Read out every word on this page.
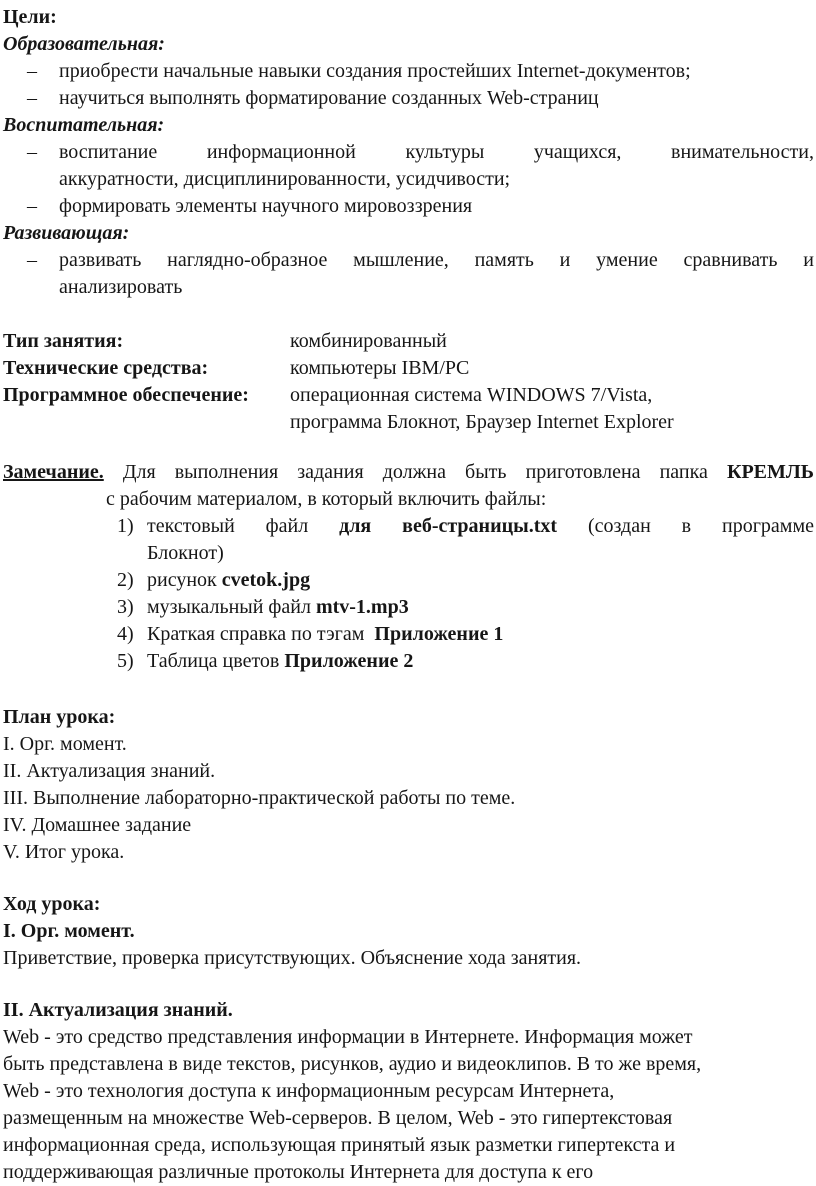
Цели:
Образовательная:
– приобрести начальные навыки создания простейших Internet-документов;
– научиться выполнять форматирование созданных Web-страниц
Воспитательная:
– воспитание информационной культуры учащихся, внимательности,
аккуратности, дисциплинированности, усидчивости;
– формировать элементы научного мировоззрения
Развивающая:
– развивать наглядно-образное мышление, память и умение сравнивать и
анализировать
Тип занятия:	комбинированный
Технические средства:	компьютеры IBM/PC
Программное обеспечение:	операционная система WINDOWS 7/Vista,
программа Блокнот, Браузер Internet Explorer
Замечание. Для выполнения задания должна быть приготовлена папка КРЕМЛЬ
с рабочим материалом, в который включить файлы:
1) текстовый файл для веб-страницы.txt (создан в программе
Блокнот)
2) рисунок cvetok.jpg
3) музыкальный файл mtv-1.mp3
4) Краткая справка по тэгам  Приложение 1
5) Таблица цветов Приложение 2
План урока:
I. Орг. момент.
II. Актуализация знаний.
III. Выполнение лабораторно-практической работы по теме.
IV. Домашнее задание
V. Итог урока.
Ход урока:
I. Орг. момент.
Приветствие, проверка присутствующих. Объяснение хода занятия.
II. Актуализация знаний.
Web - это средство представления информации в Интернете. Информация может
быть представлена в виде текстов, рисунков, аудио и видеоклипов. В то же время,
Web - это технология доступа к информационным ресурсам Интернета,
размещенным на множестве Web-серверов. В целом, Web - это гипертекстовая
информационная среда, использующая принятый язык разметки гипертекста и
поддерживающая различные протоколы Интернета для доступа к его
